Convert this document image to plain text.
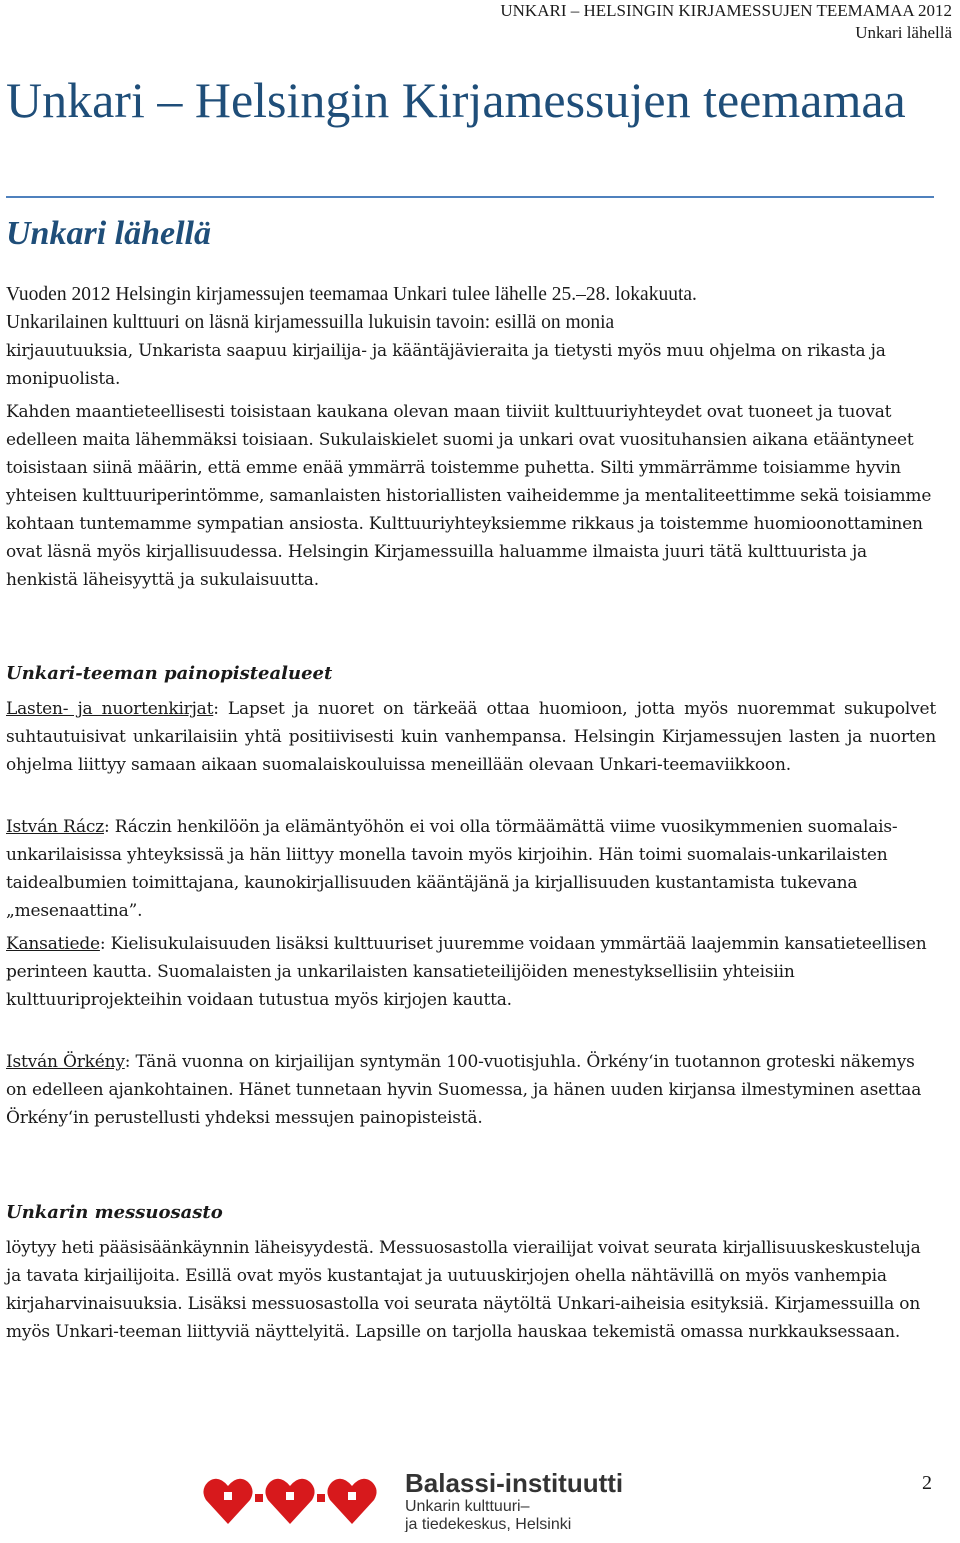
UNKARI – HELSINGIN KIRJAMESSUJEN TEEMAMAA 2012
Unkari lähellä
Unkari – Helsingin Kirjamessujen teemamaa
Unkari lähellä
Vuoden 2012 Helsingin kirjamessujen teemamaa Unkari tulee lähelle 25.–28. lokakuuta.
Unkarilainen kulttuuri on läsnä kirjamessuilla lukuisin tavoin: esillä on monia

kirjauutuuksia, Unkarista saapuu kirjailija- ja kääntäjävieraita ja tietysti myös muu ohjelma on rikasta ja monipuolista.

Kahden maantieteellisesti toisistaan kaukana olevan maan tiiviit kulttuuriyhteydet ovat tuoneet ja tuovat edelleen maita lähemmäksi toisiaan. Sukulaiskielet suomi ja unkari ovat vuosituhansien aikana etääntyneet toisistaan siinä määrin, että emme enää ymmärrä toistemme puhetta. Silti ymmärrämme toisiamme hyvin yhteisen kulttuuriperintömme, samanlaisten historiallisten vaiheidemme ja mentaliteettimme sekä toisiamme kohtaan tuntemamme sympatian ansiosta. Kulttuuriyhteyksiemme rikkaus ja toistemme huomioonottaminen ovat läsnä myös kirjallisuudessa. Helsingin Kirjamessuilla haluamme ilmaista juuri tätä kulttuurista ja henkistä läheisyyttä ja sukulaisuutta.

Unkari-teeman painopistealueet

Lasten- ja nuortenkirjat: Lapset ja nuoret on tärkeää ottaa huomioon, jotta myös nuoremmat sukupolvet suhtautuisivat unkarilaisiin yhtä positiivisesti kuin vanhempansa. Helsingin Kirjamessujen lasten ja nuorten ohjelma liittyy samaan aikaan suomalaiskouluissa meneillään olevaan Unkari-teemaviikkoon.

István Rácz: Ráczin henkilöön ja elämäntyöhön ei voi olla törmäämättä viime vuosikymmenien suomalais-unkarilaisissa yhteyksissä ja hän liittyy monella tavoin myös kirjoihin. Hän toimi suomalais-unkarilaisten taidealbumien toimittajana, kaunokirjallisuuden kääntäjänä ja kirjallisuuden kustantamista tukevana „mesenaattina”.

Kansatiede: Kielisukulaisuuden lisäksi kulttuuriset juuremme voidaan ymmärtää laajemmin kansatieteellisen perinteen kautta. Suomalaisten ja unkarilaisten kansatieteilijöiden menestyksellisiin yhteisiin kulttuuriprojekteihin voidaan tutustua myös kirjojen kautta.

István Örkény: Tänä vuonna on kirjailijan syntymän 100-vuotisjuhla. Örkény‘in tuotannon groteski näkemys on edelleen ajankohtainen. Hänet tunnetaan hyvin Suomessa, ja hänen uuden kirjansa ilmestyminen asettaa Örkény‘in perustellusti yhdeksi messujen painopisteistä.

Unkarin messuosasto

löytyy heti pääsisäänkäynnin läheisyydestä. Messuosastolla vierailijat voivat seurata kirjallisuuskeskusteluja ja tavata kirjailijoita. Esillä ovat myös kustantajat ja uutuuskirjojen ohella nähtävillä on myös vanhempia kirjaharvinaisuuksia. Lisäksi messuosastolla voi seurata näytöltä Unkari-aiheisia esityksiä. Kirjamessuilla on myös Unkari-teeman liittyviä näyttelyitä. Lapsille on tarjolla hauskaa tekemistä omassa nurkkauksessaan.

Balassi-instituutti
Unkarin kulttuuri–
ja tiedekeskus, Helsinki
2
